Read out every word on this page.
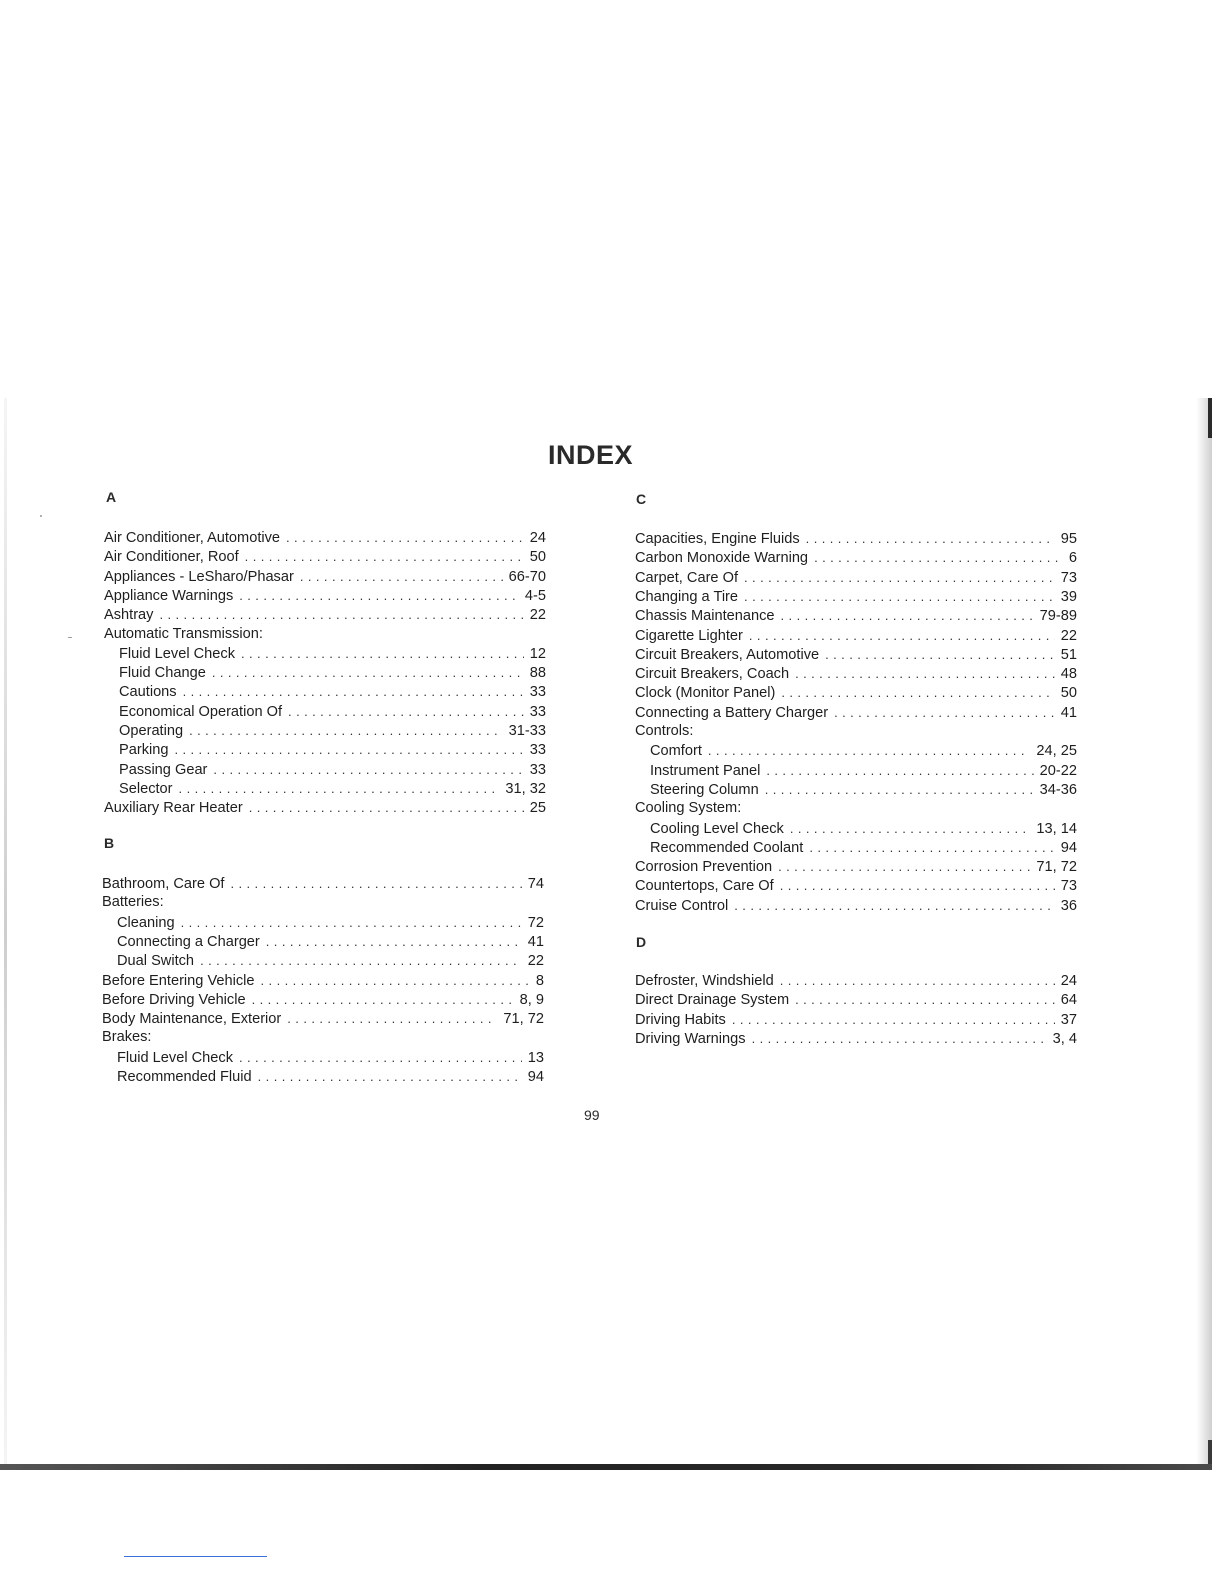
INDEX
A
Air Conditioner, Automotive . . .	24
Air Conditioner, Roof . . .	50
Appliances - LeSharo/Phasar . . .	66-70
Appliance Warnings . . .	4-5
Ashtray . . .	22
Automatic Transmission:
Fluid Level Check . . .	12
Fluid Change . . .	88
Cautions . . .	33
Economical Operation Of . . .	33
Operating . . .	31-33
Parking . . .	33
Passing Gear . . .	33
Selector . . .	31, 32
Auxiliary Rear Heater . . .	25
B
Bathroom, Care Of . . .	74
Batteries:
Cleaning . . .	72
Connecting a Charger . . .	41
Dual Switch . . .	22
Before Entering Vehicle . . .	8
Before Driving Vehicle . . .	8, 9
Body Maintenance, Exterior . . .	71, 72
Brakes:
Fluid Level Check . . .	13
Recommended Fluid . . .	94
C
Capacities, Engine Fluids . . .	95
Carbon Monoxide Warning . . .	6
Carpet, Care Of . . .	73
Changing a Tire . . .	39
Chassis Maintenance . . .	79-89
Cigarette Lighter . . .	22
Circuit Breakers, Automotive . . .	51
Circuit Breakers, Coach . . .	48
Clock (Monitor Panel) . . .	50
Connecting a Battery Charger . . .	41
Controls:
Comfort . . .	24, 25
Instrument Panel . . .	20-22
Steering Column . . .	34-36
Cooling System:
Cooling Level Check . . .	13, 14
Recommended Coolant . . .	94
Corrosion Prevention . . .	71, 72
Countertops, Care Of . . .	73
Cruise Control . . .	36
D
Defroster, Windshield . . .	24
Direct Drainage System . . .	64
Driving Habits . . .	37
Driving Warnings . . .	3, 4
99
